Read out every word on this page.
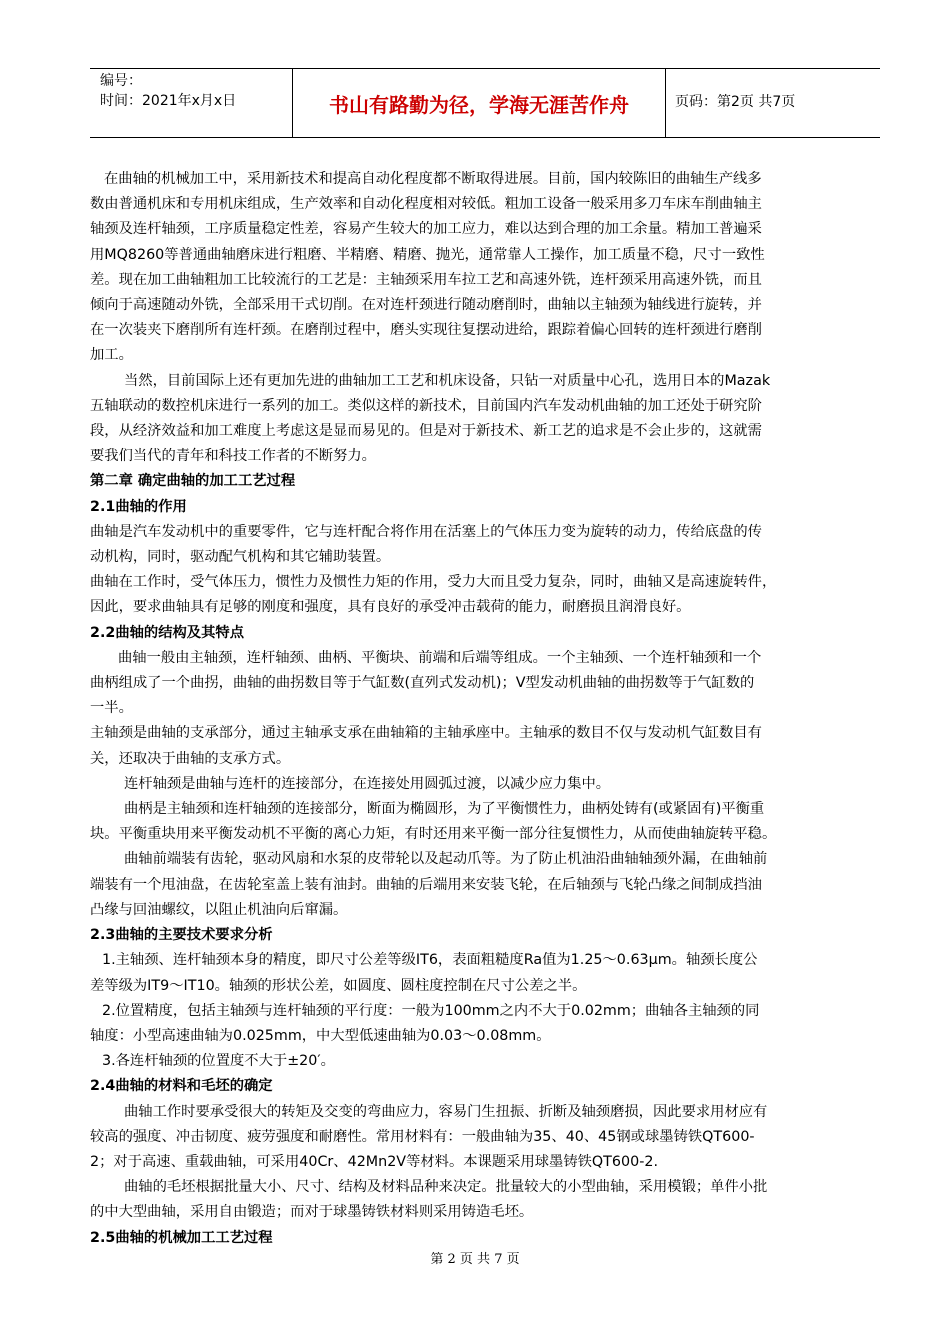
编号：
时间：2021年x月x日	书山有路勤为径，学海无涯苦作舟	页码：第2页 共7页

在曲轴的机械加工中，采用新技术和提高自动化程度都不断取得进展。目前，国内较陈旧的曲轴生产线多

数由普通机床和专用机床组成，生产效率和自动化程度相对较低。粗加工设备一般采用多刀车床车削曲轴主

轴颈及连杆轴颈，工序质量稳定性差，容易产生较大的加工应力，难以达到合理的加工余量。精加工普遍采

用MQ8260等普通曲轴磨床进行粗磨、半精磨、精磨、抛光，通常靠人工操作，加工质量不稳，尺寸一致性

差。现在加工曲轴粗加工比较流行的工艺是：主轴颈采用车拉工艺和高速外铣，连杆颈采用高速外铣，而且

倾向于高速随动外铣，全部采用干式切削。在对连杆颈进行随动磨削时，曲轴以主轴颈为轴线进行旋转，并

在一次装夹下磨削所有连杆颈。在磨削过程中，磨头实现往复摆动进给，跟踪着偏心回转的连杆颈进行磨削

加工。

当然，目前国际上还有更加先进的曲轴加工工艺和机床设备，只钻一对质量中心孔，选用日本的Mazak

五轴联动的数控机床进行一系列的加工。类似这样的新技术，目前国内汽车发动机曲轴的加工还处于研究阶

段，从经济效益和加工难度上考虑这是显而易见的。但是对于新技术、新工艺的追求是不会止步的，这就需

要我们当代的青年和科技工作者的不断努力。

第二章 确定曲轴的加工工艺过程

2.1曲轴的作用

曲轴是汽车发动机中的重要零件，它与连杆配合将作用在活塞上的气体压力变为旋转的动力，传给底盘的传

动机构，同时，驱动配气机构和其它辅助装置。

曲轴在工作时，受气体压力，惯性力及惯性力矩的作用，受力大而且受力复杂，同时，曲轴又是高速旋转件，

因此，要求曲轴具有足够的刚度和强度，具有良好的承受冲击载荷的能力，耐磨损且润滑良好。

2.2曲轴的结构及其特点

曲轴一般由主轴颈，连杆轴颈、曲柄、平衡块、前端和后端等组成。一个主轴颈、一个连杆轴颈和一个

曲柄组成了一个曲拐，曲轴的曲拐数目等于气缸数(直列式发动机)；V型发动机曲轴的曲拐数等于气缸数的

一半。

主轴颈是曲轴的支承部分，通过主轴承支承在曲轴箱的主轴承座中。主轴承的数目不仅与发动机气缸数目有

关，还取决于曲轴的支承方式。

连杆轴颈是曲轴与连杆的连接部分，在连接处用圆弧过渡，以减少应力集中。

曲柄是主轴颈和连杆轴颈的连接部分，断面为椭圆形，为了平衡惯性力，曲柄处铸有(或紧固有)平衡重

块。平衡重块用来平衡发动机不平衡的离心力矩，有时还用来平衡一部分往复惯性力，从而使曲轴旋转平稳。

曲轴前端装有齿轮，驱动风扇和水泵的皮带轮以及起动爪等。为了防止机油沿曲轴轴颈外漏，在曲轴前

端装有一个甩油盘，在齿轮室盖上装有油封。曲轴的后端用来安装飞轮，在后轴颈与飞轮凸缘之间制成挡油

凸缘与回油螺纹，以阻止机油向后窜漏。

2.3曲轴的主要技术要求分析

1.主轴颈、连杆轴颈本身的精度，即尺寸公差等级IT6，表面粗糙度Ra值为1.25～0.63μm。轴颈长度公

差等级为IT9～IT10。轴颈的形状公差，如圆度、圆柱度控制在尺寸公差之半。

2.位置精度，包括主轴颈与连杆轴颈的平行度：一般为100mm之内不大于0.02mm；曲轴各主轴颈的同

轴度：小型高速曲轴为0.025mm，中大型低速曲轴为0.03～0.08mm。

3.各连杆轴颈的位置度不大于±20′。

2.4曲轴的材料和毛坯的确定

曲轴工作时要承受很大的转矩及交变的弯曲应力，容易门生扭振、折断及轴颈磨损，因此要求用材应有

较高的强度、冲击韧度、疲劳强度和耐磨性。常用材料有：一般曲轴为35、40、45钢或球墨铸铁QT600-

2；对于高速、重载曲轴，可采用40Cr、42Mn2V等材料。本课题采用球墨铸铁QT600-2.

曲轴的毛坯根据批量大小、尺寸、结构及材料品种来决定。批量较大的小型曲轴，采用模锻；单件小批

的中大型曲轴，采用自由锻造；而对于球墨铸铁材料则采用铸造毛坯。

2.5曲轴的机械加工工艺过程

第 2 页 共 7 页
